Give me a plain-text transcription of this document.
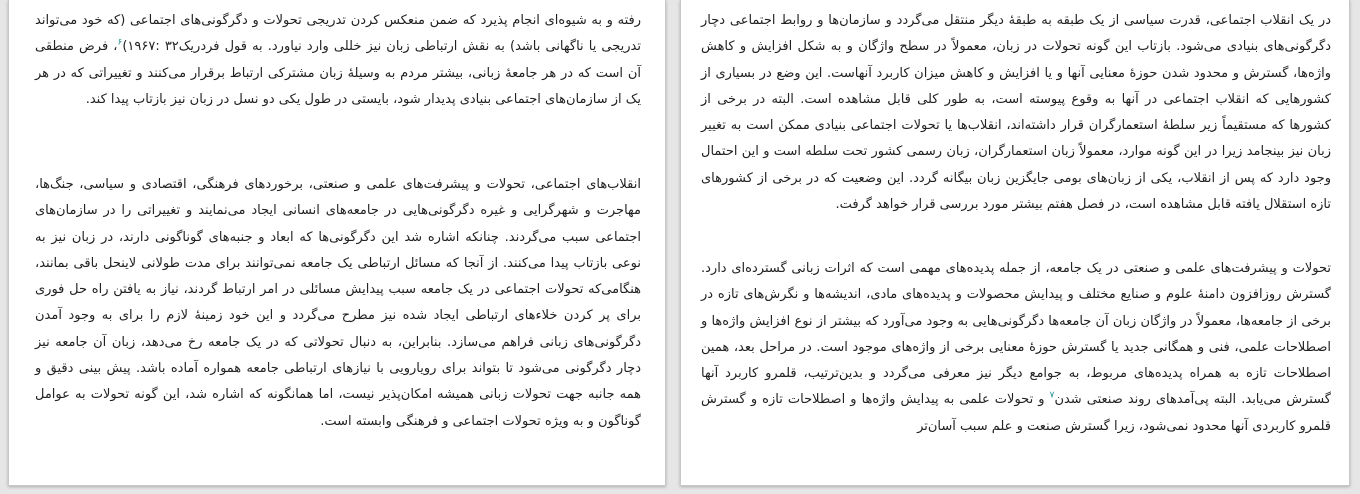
رفته و به شیوه‌ای انجام پذیرد که ضمن منعکس کردن تدریجی تحولات و دگرگونی‌های اجتماعی (که خود می‌تواند تدریجی یا ناگهانی باشد) به نقش ارتباطی زبان نیز خللی وارد نیاورد. به قول فردریک۳۲ :۱۹۶۷)$^۶$، فرض منطقی آن است که در هر جامعهٔ زبانی، بیشتر مردم به وسیلهٔ زبان مشترکی ارتباط برقرار می‌کنند و تغییراتی که در هر یک از سازمان‌های اجتماعی بنیادی پدیدار شود، بایستی در طول یکی دو نسل در زبان نیز بازتاب پیدا کند.

انقلاب‌های اجتماعی، تحولات و پیشرفت‌های علمی و صنعتی، برخوردهای فرهنگی، اقتصادی و سیاسی، جنگ‌ها، مهاجرت و شهرگرایی و غیره دگرگونی‌هایی در جامعه‌های انسانی ایجاد می‌نمایند و تغییراتی را در سازمان‌های اجتماعی سبب می‌گردند. چنانکه اشاره شد این دگرگونی‌ها که ابعاد و جنبه‌های گوناگونی دارند، در زبان نیز به نوعی بازتاب پیدا می‌کنند. از آنجا که مسائل ارتباطی یک جامعه نمی‌توانند برای مدت طولانی لاینحل باقی بمانند، هنگامی‌که تحولات اجتماعی در یک جامعه سبب پیدایش مسائلی در امر ارتباط گردند، نیاز به یافتن راه حل فوری برای پر کردن خلاءهای ارتباطی ایجاد شده نیز مطرح می‌گردد و این خود زمینهٔ لازم را برای به وجود آمدن دگرگونی‌های زبانی فراهم می‌سازد. بنابراین، به دنبال تحولاتی که در یک جامعه رخ می‌دهد، زبان آن جامعه نیز دچار دگرگونی می‌شود تا بتواند برای رویارویی با نیازهای ارتباطی جامعه همواره آماده باشد. پیش بینی دقیق و همه جانبه جهت تحولات زبانی همیشه امکان‌پذیر نیست، اما همانگونه که اشاره شد، این گونه تحولات به عوامل گوناگون و به ویژه تحولات اجتماعی و فرهنگی وابسته است.

در یک انقلاب اجتماعی، قدرت سیاسی از یک طبقه به طبقهٔ دیگر منتقل می‌گردد و سازمان‌ها و روابط اجتماعی دچار دگرگونی‌های بنیادی می‌شود. بازتاب این گونه تحولات در زبان، معمولاً در سطح واژگان و به شکل افزایش و کاهش واژه‌ها، گسترش و محدود شدن حوزهٔ معنایی آنها و یا افزایش و کاهش میزان کاربرد آنهاست. این وضع در بسیاری از کشورهایی که انقلاب اجتماعی در آنها به وقوع پیوسته است، به طور کلی قابل مشاهده است. البته در برخی از کشورها که مستقیماً زیر سلطهٔ استعمارگران قرار داشته‌اند، انقلاب‌ها یا تحولات اجتماعی بنیادی ممکن است به تغییر زبان نیز بینجامد زیرا در این گونه موارد، معمولاً زبان استعمارگران، زبان رسمی کشور تحت سلطه است و این احتمال وجود دارد که پس از انقلاب، یکی از زبان‌های بومی جایگزین زبان بیگانه گردد. این وضعیت که در برخی از کشورهای تازه استقلال یافته قابل مشاهده است، در فصل هفتم بیشتر مورد بررسی قرار خواهد گرفت.

تحولات و پیشرفت‌های علمی و صنعتی در یک جامعه، از جمله پدیده‌های مهمی است که اثرات زبانی گسترده‌ای دارد. گسترش روزافزون دامنهٔ علوم و صنایع مختلف و پیدایش محصولات و پدیده‌های مادی، اندیشه‌ها و نگرش‌های تازه در برخی از جامعه‌ها، معمولاً در واژگان زبان آن جامعه‌ها دگرگونی‌هایی به وجود می‌آورد که بیشتر از نوع افزایش واژه‌ها و اصطلاحات علمی، فنی و همگانی جدید یا گسترش حوزهٔ معنایی برخی از واژه‌های موجود است. در مراحل بعد، همین اصطلاحات تازه به همراه پدیده‌های مربوط، به جوامع دیگر نیز معرفی می‌گردد و بدین‌ترتیب، قلمرو کاربرد آنها گسترش می‌یابد. البته پی‌آمدهای روند صنعتی شدن$^۷$ و تحولات علمی به پیدایش واژه‌ها و اصطلاحات تازه و گسترش قلمرو کاربردی آنها محدود نمی‌شود، زیرا گسترش صنعت و علم سبب آسان‌تر
